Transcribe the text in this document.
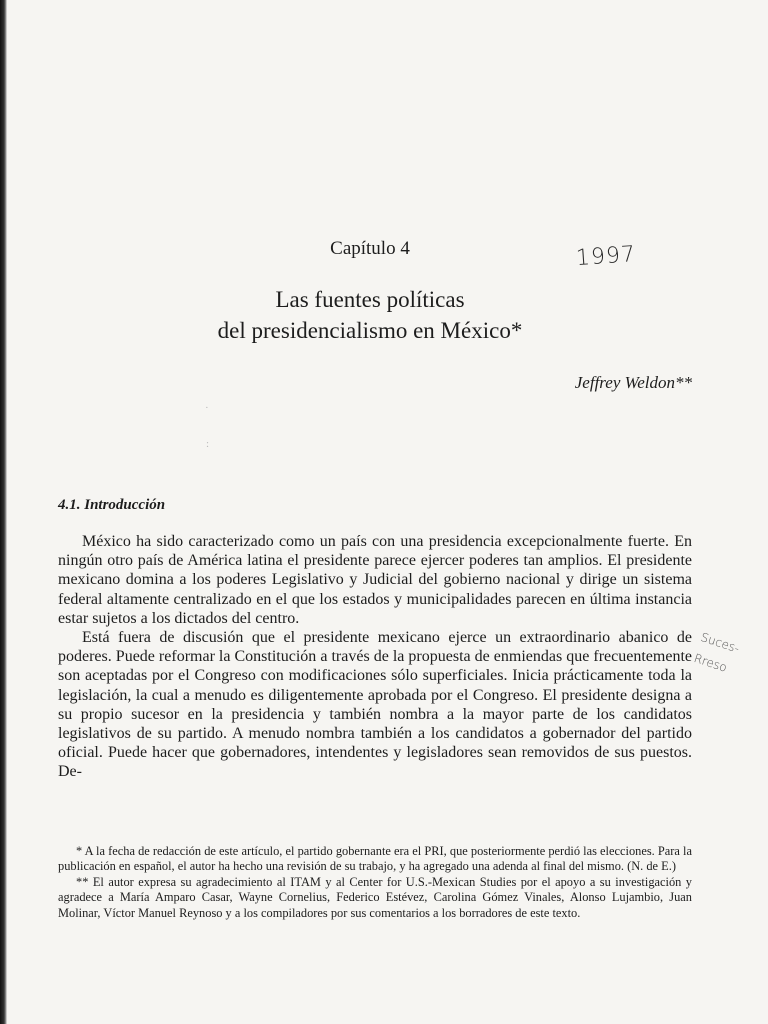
Capítulo 4	1997
Las fuentes políticas
del presidencialismo en México*
Jeffrey Weldon**
·
:
4.1. Introducción

México ha sido caracterizado como un país con una presidencia excepcionalmente fuerte. En ningún otro país de América latina el presidente parece ejercer poderes tan amplios. El presidente mexicano domina a los poderes Legislativo y Judicial del gobierno nacional y dirige un sistema federal altamente centralizado en el que los estados y municipalidades parecen en última instancia estar sujetos a los dictados del centro.

Está fuera de discusión que el presidente mexicano ejerce un extraordinario abanico de poderes. Puede reformar la Constitución a través de la propuesta de enmiendas que frecuentemente son aceptadas por el Congreso con modificaciones sólo superficiales. Inicia prácticamente toda la legislación, la cual a menudo es diligentemente aprobada por el Congreso. El presidente designa a su propio sucesor en la presidencia y también nombra a la mayor parte de los candidatos legislativos de su partido. A menudo nombra también a los candidatos a gobernador del partido oficial. Puede hacer que gobernadores, intendentes y legisladores sean removidos de sus puestos. De-

Suces- Rreso

* A la fecha de redacción de este artículo, el partido gobernante era el PRI, que posteriormente perdió las elecciones. Para la publicación en español, el autor ha hecho una revisión de su trabajo, y ha agregado una adenda al final del mismo. (N. de E.)

** El autor expresa su agradecimiento al ITAM y al Center for U.S.-Mexican Studies por el apoyo a su investigación y agradece a María Amparo Casar, Wayne Cornelius, Federico Estévez, Carolina Gómez Vinales, Alonso Lujambio, Juan Molinar, Víctor Manuel Reynoso y a los compiladores por sus comentarios a los borradores de este texto.
